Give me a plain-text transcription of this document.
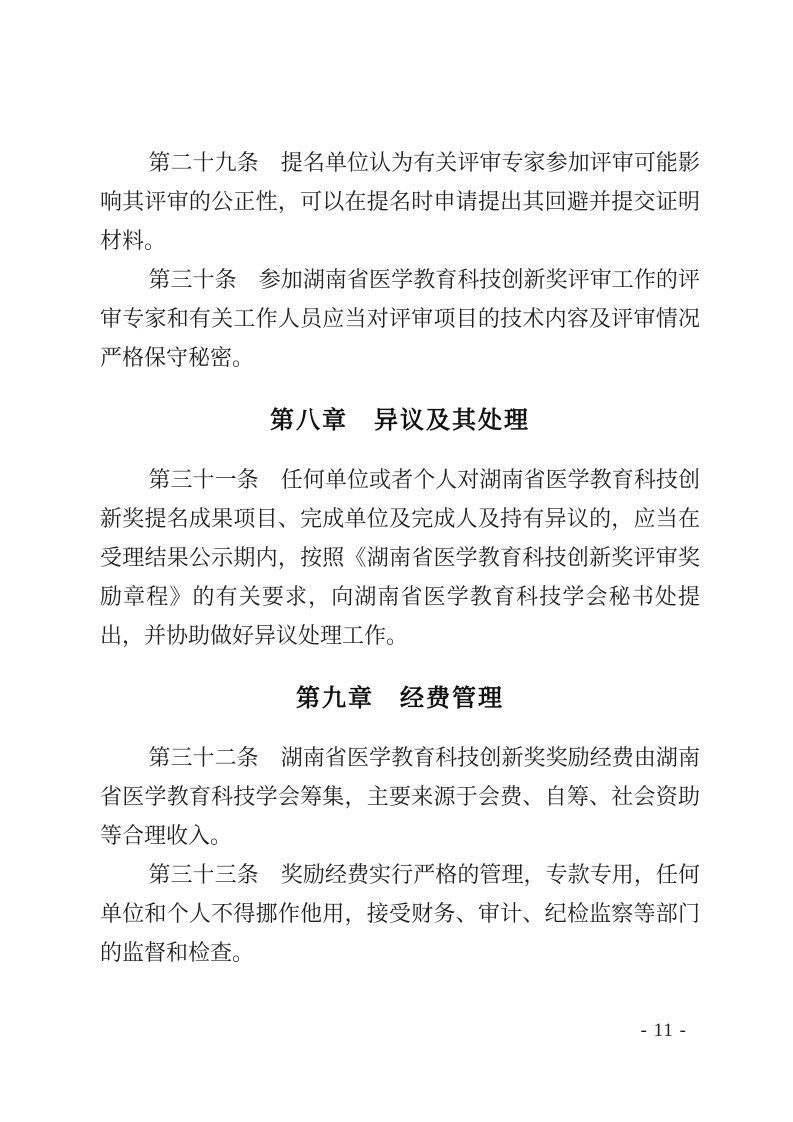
第二十九条　提名单位认为有关评审专家参加评审可能影响其评审的公正性，可以在提名时申请提出其回避并提交证明材料。

第三十条　参加湖南省医学教育科技创新奖评审工作的评审专家和有关工作人员应当对评审项目的技术内容及评审情况严格保守秘密。

第八章　异议及其处理

第三十一条　任何单位或者个人对湖南省医学教育科技创新奖提名成果项目、完成单位及完成人及持有异议的，应当在受理结果公示期内，按照《湖南省医学教育科技创新奖评审奖励章程》的有关要求，向湖南省医学教育科技学会秘书处提出，并协助做好异议处理工作。

第九章　经费管理

第三十二条　湖南省医学教育科技创新奖奖励经费由湖南省医学教育科技学会筹集，主要来源于会费、自筹、社会资助等合理收入。

第三十三条　奖励经费实行严格的管理，专款专用，任何单位和个人不得挪作他用，接受财务、审计、纪检监察等部门的监督和检查。

- 11 -
